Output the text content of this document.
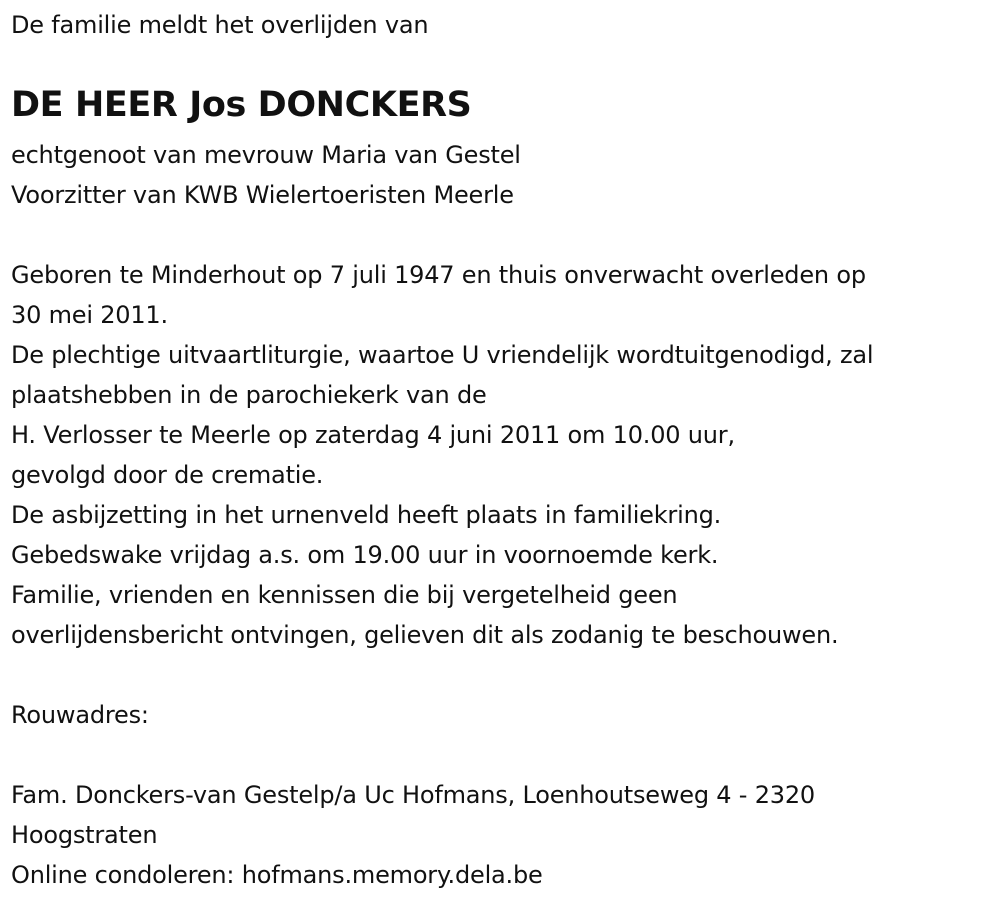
De familie meldt het overlijden van
DE HEER Jos DONCKERS
echtgenoot van mevrouw Maria van Gestel
Voorzitter van KWB Wielertoeristen Meerle
Geboren te Minderhout op 7 juli 1947 en thuis onverwacht overleden op
30 mei 2011.
De plechtige uitvaartliturgie, waartoe U vriendelijk wordtuitgenodigd, zal
plaatshebben in de parochiekerk van de
H. Verlosser te Meerle op zaterdag 4 juni 2011 om 10.00 uur,
gevolgd door de crematie.
De asbijzetting in het urnenveld heeft plaats in familiekring.
Gebedswake vrijdag a.s. om 19.00 uur in voornoemde kerk.
Familie, vrienden en kennissen die bij vergetelheid geen
overlijdensbericht ontvingen, gelieven dit als zodanig te beschouwen.
Rouwadres:
Fam. Donckers-van Gestelp/a Uc Hofmans, Loenhoutseweg 4 - 2320
Hoogstraten
Online condoleren: hofmans.memory.dela.be
